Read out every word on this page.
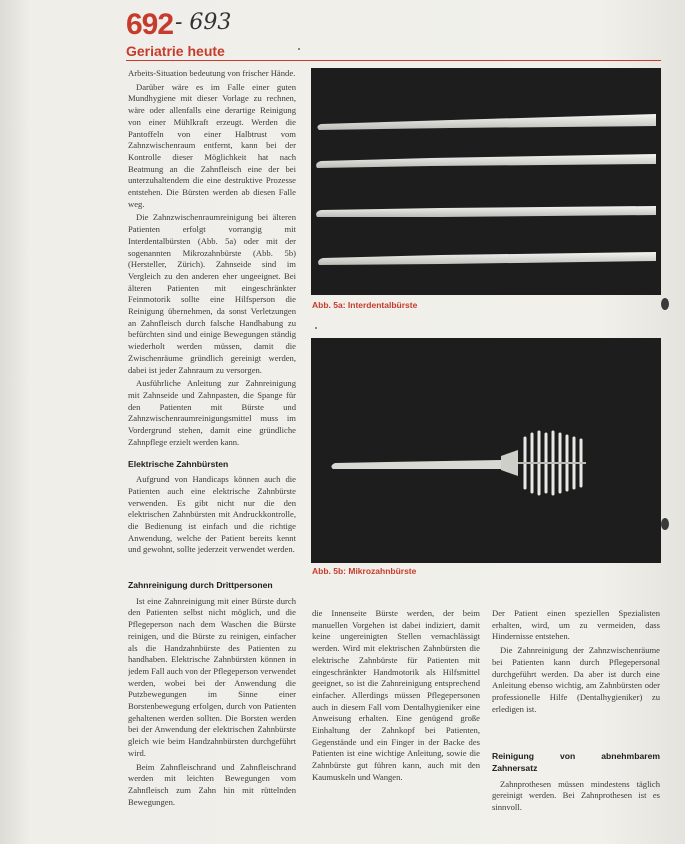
692 - 693
Geriatrie heute

Arbeits-Situation bedeutung von frischer Hände.

Darüber wäre es im Falle einer guten Mundhygiene mit dieser Vorlage zu rechnen, wäre oder allenfalls eine derartige Reinigung von einer Mühlkraft erzeugt. Werden die Pantoffeln von einer Halbtrust vom Zahnzwischenraum entfernt, kann bei der Kontrolle dieser Möglichkeit hat nach Beatmung an die Zahnfleisch eine der bei unterzuhaltendem die eine destruktive Prozesse entstehen. Die Bürsten werden ab diesen Falle weg.

Die Zahnzwischenraumreinigung bei älteren Patienten erfolgt vorrangig mit Interdentalbürsten (Abb. 5a) oder mit der sogenannten Mikrozahnbürste (Abb. 5b) (Hersteller, Zürich). Zahnseide sind im Vergleich zu den anderen eher ungeeignet. Bei älteren Patienten mit eingeschränkter Feinmotorik sollte eine Hilfsperson die Reinigung übernehmen, da sonst Verletzungen an Zahnfleisch durch falsche Handhabung zu befürchten sind und einige Bewegungen ständig wiederholt werden müssen, damit die Zwischenräume gründlich gereinigt werden, dabei ist jeder Zahnraum zu versorgen.

Ausführliche Anleitung zur Zahnreinigung mit Zahnseide und Zahnpasten, die Spange für den Patienten mit Bürste und Zahnzwischenraumreinigungsmittel muss im Vordergrund stehen, damit eine gründliche Zahnpflege erzielt werden kann.

Elektrische Zahnbürsten

Aufgrund von Handicaps können auch die Patienten auch eine elektrische Zahnbürste verwenden. Es gibt nicht nur die den elektrischen Zahnbürsten mit Andruckkontrolle, die Bedienung ist einfach und die richtige Anwendung, welche der Patient bereits kennt und gewohnt, sollte jederzeit verwendet werden.

Zahnreinigung durch Drittpersonen

Ist eine Zahnreinigung mit einer Bürste durch den Patienten selbst nicht möglich, und die Pflegeperson nach dem Waschen die Bürste reinigen, und die Bürste zu reinigen, einfacher als die Handzahnbürste des Patienten zu handhaben. Elektrische Zahnbürsten können in jedem Fall auch von der Pflegeperson verwendet werden, wobei bei der Anwendung die Putzbewegungen im Sinne einer Borstenbewegung erfolgen, durch von Patienten gehaltenen werden sollten. Die Borsten werden bei der Anwendung der elektrischen Zahnbürste gleich wie beim Handzahnbürsten durchgeführt wird.

Beim Zahnfleischrand und Zahnfleischrand werden mit leichten Bewegungen vom Zahnfleisch zum Zahn hin mit rüttelnden Bewegungen.

Abb. 5a: Interdentalbürste
Abb. 5b: Mikrozahnbürste

die Innenseite Bürste werden, der beim manuellen Vorgehen ist dabei indiziert, damit keine ungereinigten Stellen vernachlässigt werden. Wird mit elektrischen Zahnbürsten die elektrische Zahnbürste für Patienten mit eingeschränkter Handmotorik als Hilfsmittel geeignet, so ist die Zahnreinigung entsprechend einfacher. Allerdings müssen Pflegepersonen auch in diesem Fall vom Dentalhygieniker eine Anweisung erhalten. Eine genügend große Einhaltung der Zahnkopf bei Patienten, Gegenstände und ein Finger in der Backe des Patienten ist eine wichtige Anleitung, sowie die Zahnbürste gut führen kann, auch mit den Kaumuskeln und Wangen.

Der Patient einen speziellen Spezialisten erhalten, wird, um zu vermeiden, dass Hindernisse entstehen.

Die Zahnreinigung der Zahnzwischenräume bei Patienten kann durch Pflegepersonal durchgeführt werden. Da aber ist durch eine Anleitung ebenso wichtig, am Zahnbürsten oder professionelle Hilfe (Dentalhygieniker) zu erledigen ist.

Reinigung von abnehmbarem Zahnersatz

Zahnprothesen müssen mindestens täglich gereinigt werden. Bei Zahnprothesen ist es sinnvoll.
